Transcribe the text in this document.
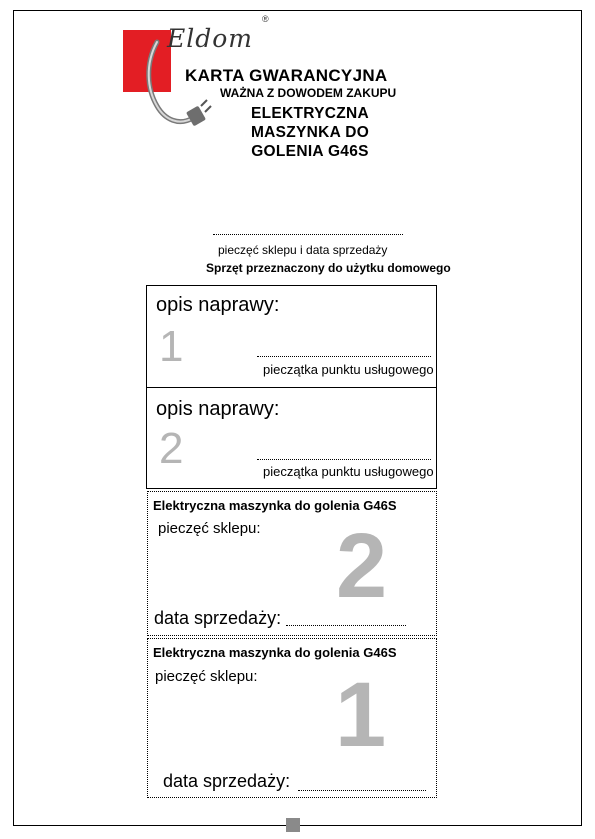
Eldom
®
KARTA GWARANCYJNA
WAŻNA Z DOWODEM ZAKUPU
ELEKTRYCZNA
MASZYNKA DO
GOLENIA G46S
pieczęć sklepu i data sprzedaży
Sprzęt przeznaczony do użytku domowego
opis naprawy:
1	pieczątka punktu usługowego
opis naprawy:
2	pieczątka punktu usługowego
Elektryczna maszynka do golenia G46S
pieczęć sklepu: 2
data sprzedaży:
Elektryczna maszynka do golenia G46S
pieczęć sklepu: 1
data sprzedaży:
